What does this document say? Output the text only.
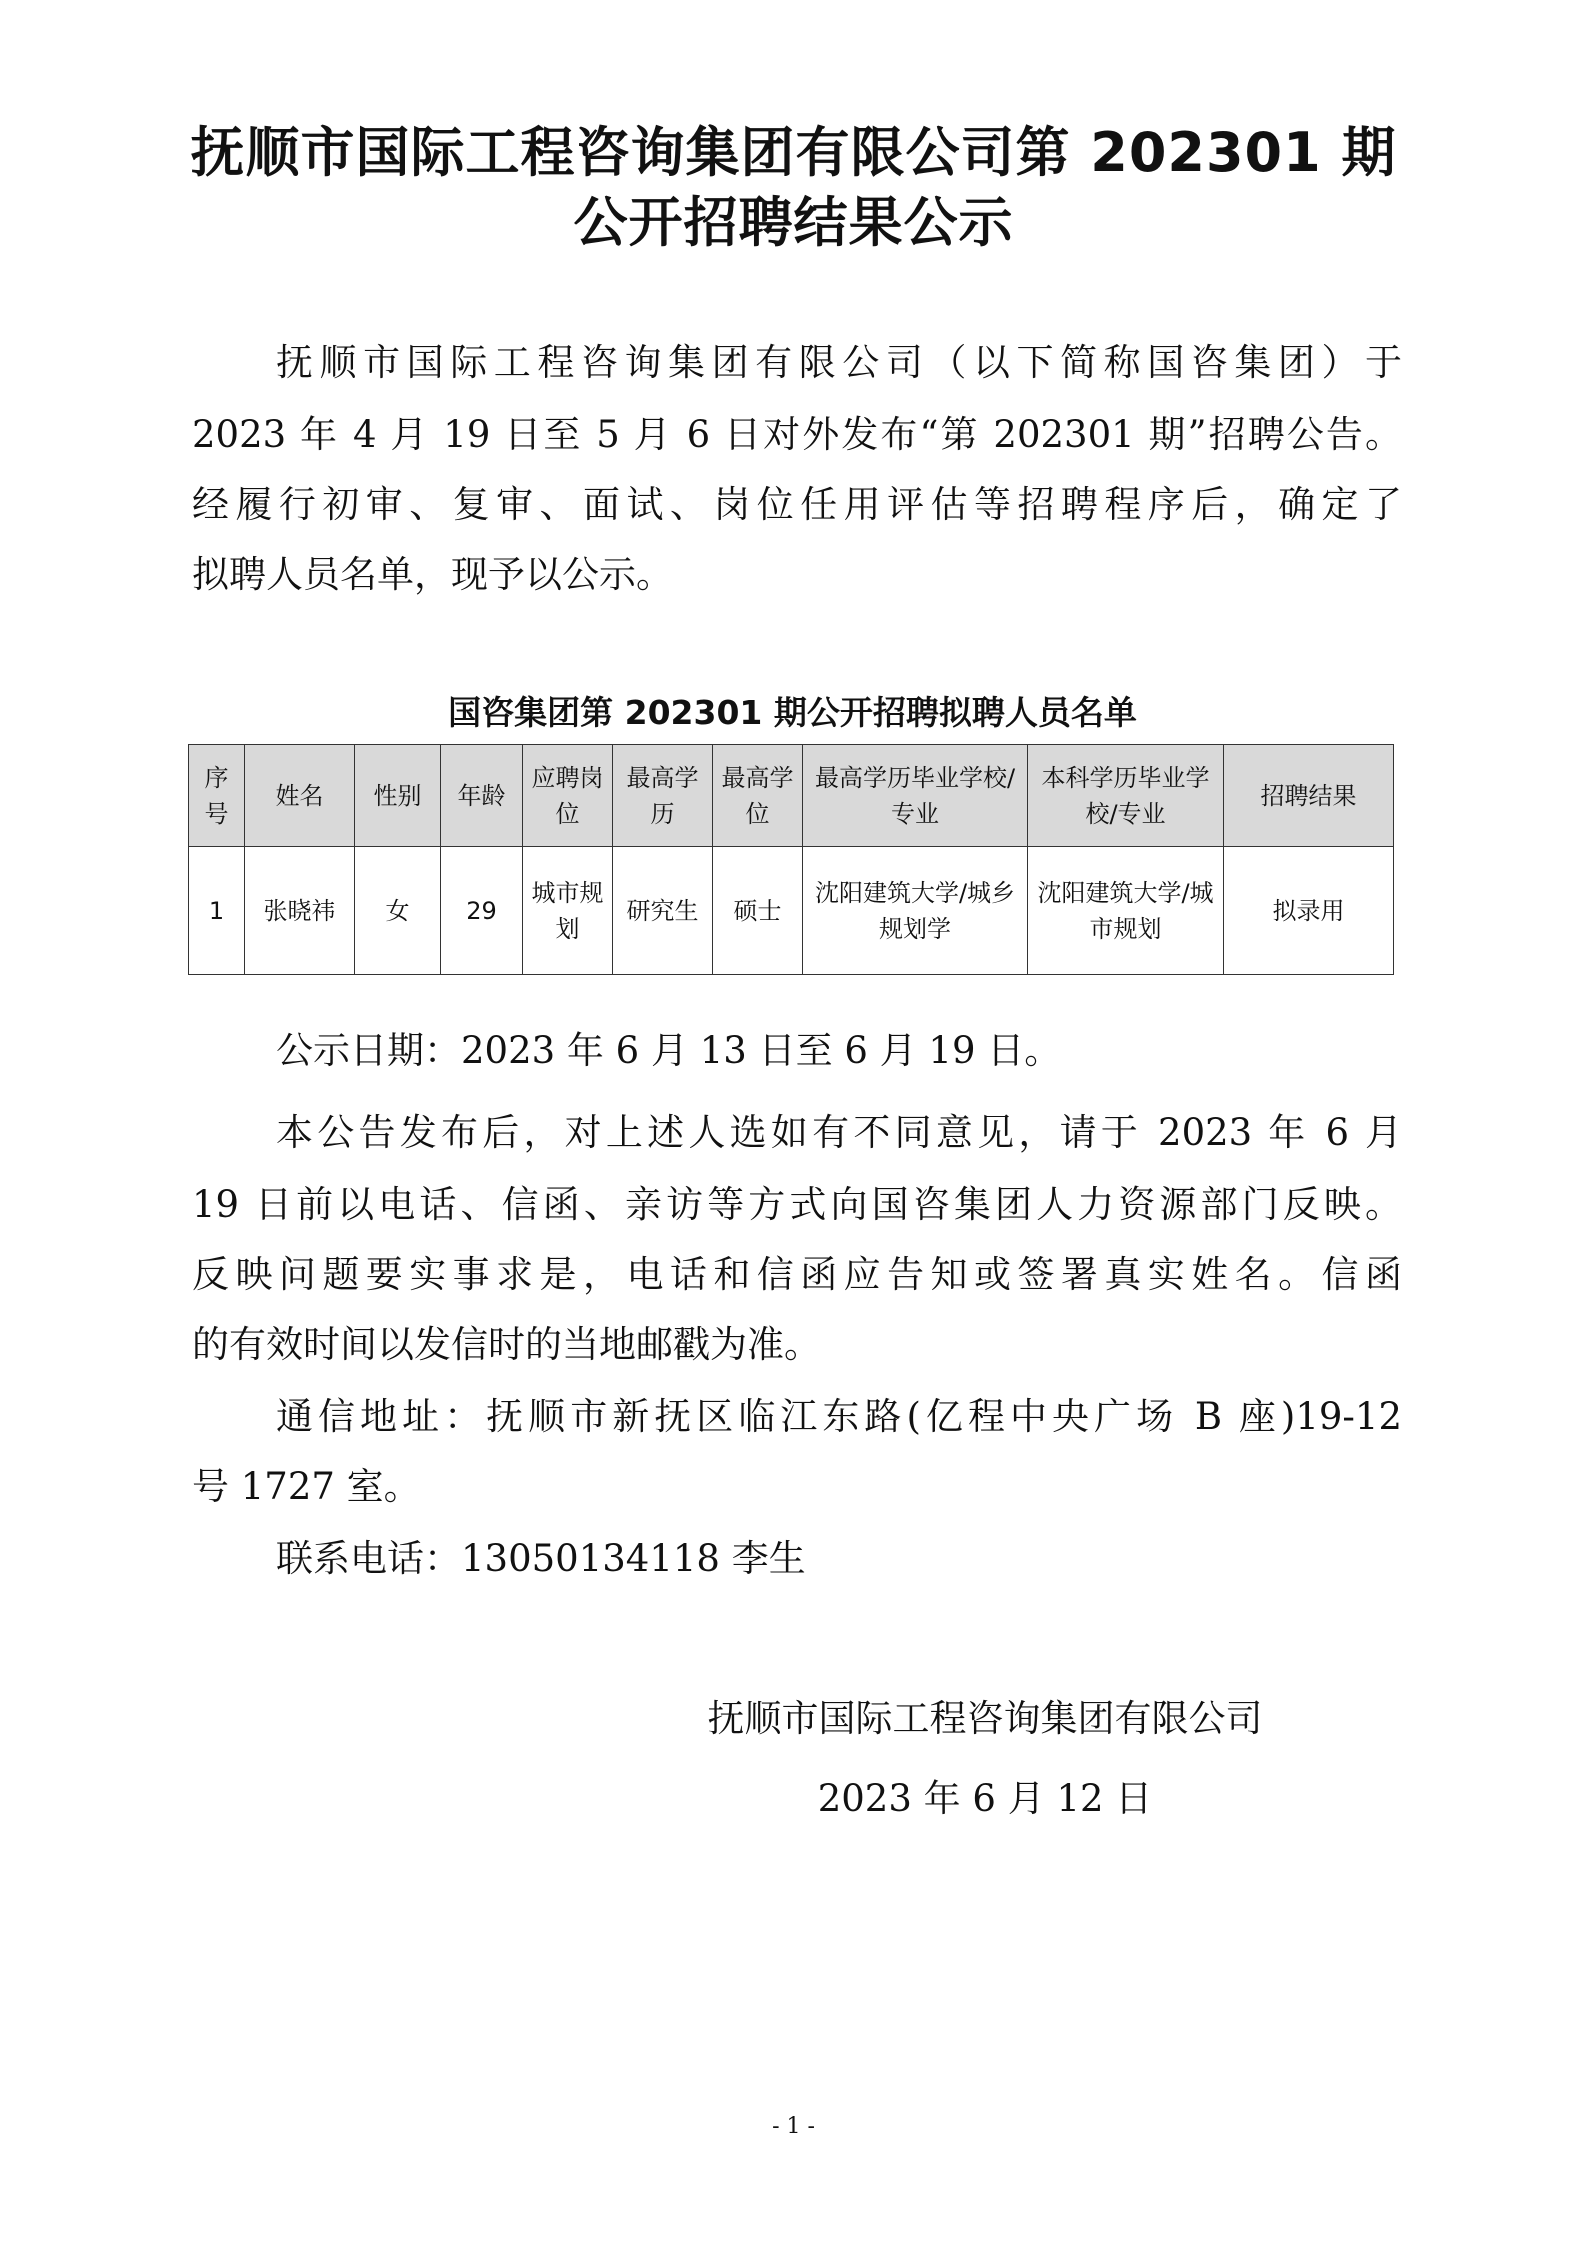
抚顺市国际工程咨询集团有限公司第 202301 期
公开招聘结果公示
抚顺市国际工程咨询集团有限公司（以下简称国咨集团）于
2023 年 4 月 19 日至 5 月 6 日对外发布“第 202301 期”招聘公告。
经履行初审、复审、面试、岗位任用评估等招聘程序后，确定了
拟聘人员名单，现予以公示。
国咨集团第 202301 期公开招聘拟聘人员名单
序号	姓名	性别	年龄	应聘岗位	最高学历	最高学位	最高学历毕业学校/专业	本科学历毕业学校/专业	招聘结果
1	张晓祎	女	29	城市规划	研究生	硕士	沈阳建筑大学/城乡规划学	沈阳建筑大学/城市规划	拟录用
公示日期：2023 年 6 月 13 日至 6 月 19 日。
本公告发布后，对上述人选如有不同意见，请于 2023 年 6 月
19 日前以电话、信函、亲访等方式向国咨集团人力资源部门反映。
反映问题要实事求是，电话和信函应告知或签署真实姓名。信函
的有效时间以发信时的当地邮戳为准。
通信地址：抚顺市新抚区临江东路(亿程中央广场 B 座)19-12
号 1727 室。
联系电话：13050134118 李生
抚顺市国际工程咨询集团有限公司
2023 年 6 月 12 日
- 1 -
